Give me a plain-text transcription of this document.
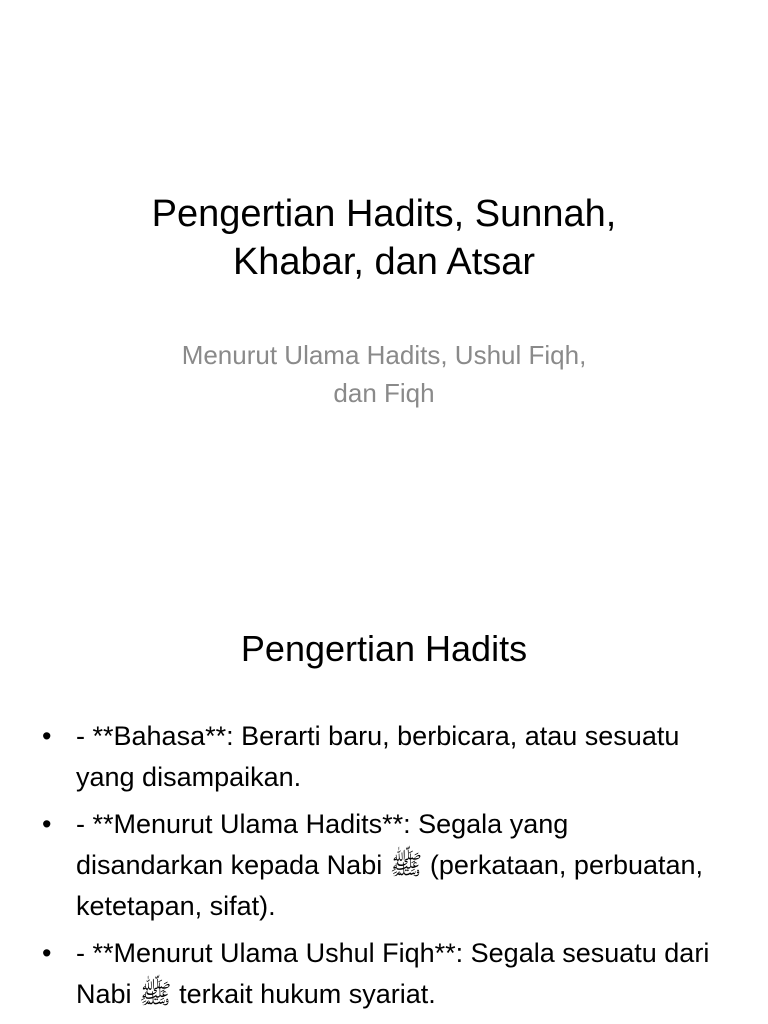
Pengertian Hadits, Sunnah,
Khabar, dan Atsar

Menurut Ulama Hadits, Ushul Fiqh,
dan Fiqh

Pengertian Hadits
• - **Bahasa**: Berarti baru, berbicara, atau sesuatu yang disampaikan.
• - **Menurut Ulama Hadits**: Segala yang disandarkan kepada Nabi ﷺ (perkataan, perbuatan, ketetapan, sifat).
• - **Menurut Ulama Ushul Fiqh**: Segala sesuatu dari Nabi ﷺ terkait hukum syariat.
